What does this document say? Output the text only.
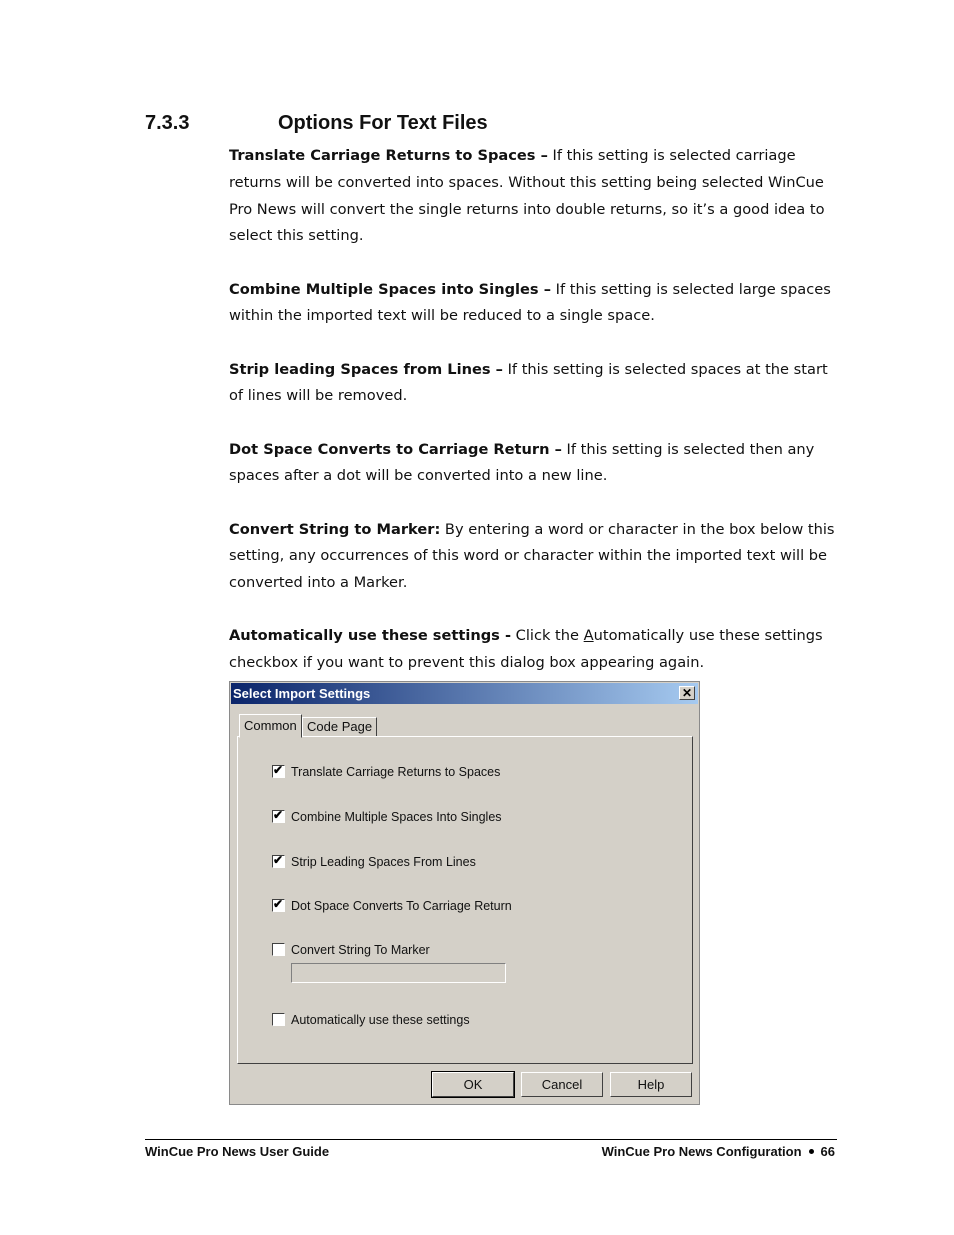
7.3.3	Options For Text Files

Translate Carriage Returns to Spaces – If this setting is selected carriage returns will be converted into spaces. Without this setting being selected WinCue Pro News will convert the single returns into double returns, so it’s a good idea to select this setting.

Combine Multiple Spaces into Singles – If this setting is selected large spaces within the imported text will be reduced to a single space.

Strip leading Spaces from Lines – If this setting is selected spaces at the start of lines will be removed.

Dot Space Converts to Carriage Return – If this setting is selected then any spaces after a dot will be converted into a new line.

Convert String to Marker: By entering a word or character in the box below this setting, any occurrences of this word or character within the imported text will be converted into a Marker.

Automatically use these settings - Click the Automatically use these settings checkbox if you want to prevent this dialog box appearing again.

Select Import Settings	✕
Common Code Page
✔ Translate Carriage Returns to Spaces
✔ Combine Multiple Spaces Into Singles
✔ Strip Leading Spaces From Lines
✔ Dot Space Converts To Carriage Return
Convert String To Marker
Automatically use these settings
OK	Cancel	Help
WinCue Pro News User Guide	WinCue Pro News Configuration 66
